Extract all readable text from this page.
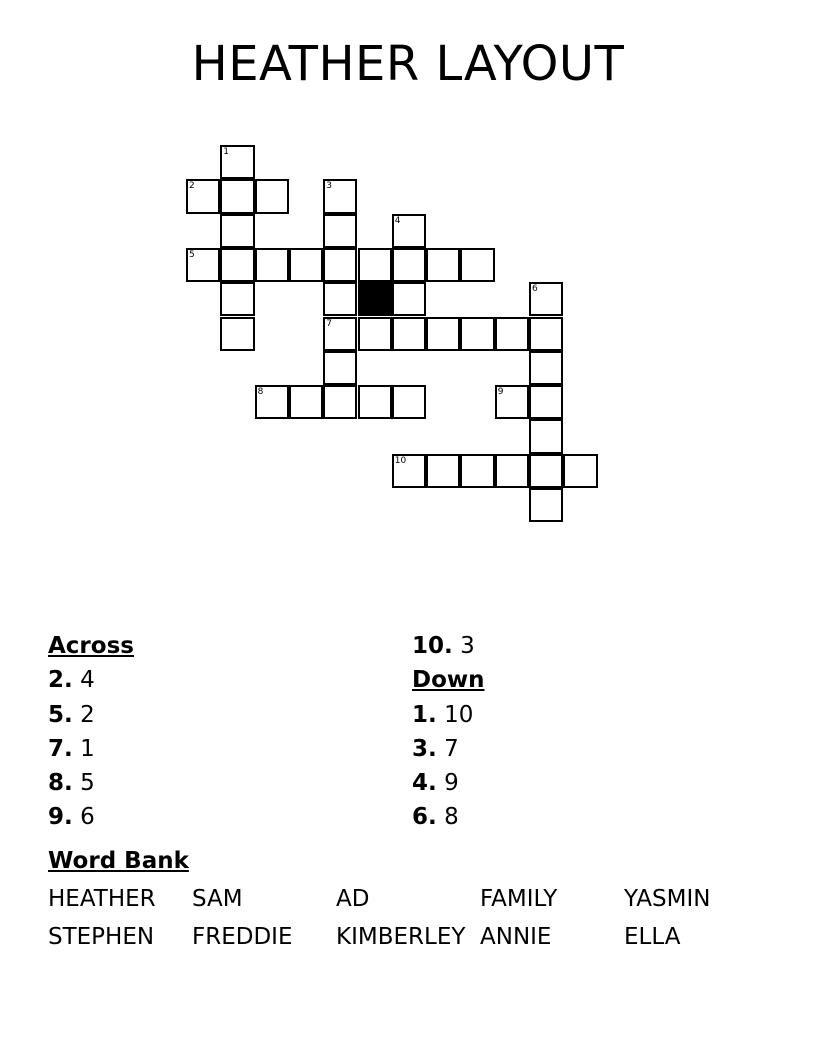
HEATHER LAYOUT
1
2	3
4
5
6
7
8	9
10
Across
2. 4
5. 2
7. 1
8. 5
9. 6
10. 3
Down
1. 10
3. 7
4. 9
6. 8
Word Bank
HEATHER SAM	AD	FAMILY	YASMIN
STEPHEN FREDDIE KIMBERLEY ANNIE	ELLA
